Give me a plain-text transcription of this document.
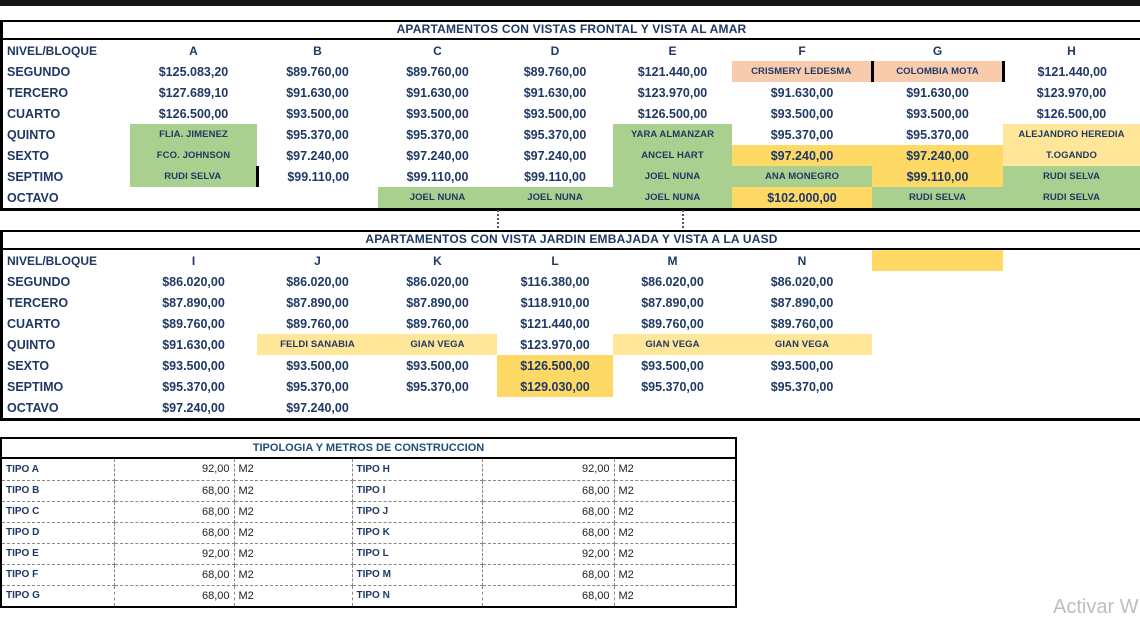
APARTAMENTOS CON VISTAS FRONTAL Y VISTA AL AMAR
NIVEL/BLOQUE	A	B	C	D	E	F	G	H
SEGUNDO	$125.083,20	$89.760,00	$89.760,00	$89.760,00	$121.440,00	CRISMERY LEDESMA	COLOMBIA MOTA	$121.440,00
TERCERO	$127.689,10	$91.630,00	$91.630,00	$91.630,00	$123.970,00	$91.630,00	$91.630,00	$123.970,00
CUARTO	$126.500,00	$93.500,00	$93.500,00	$93.500,00	$126.500,00	$93.500,00	$93.500,00	$126.500,00
QUINTO	FLIA. JIMENEZ	$95.370,00	$95.370,00	$95.370,00	YARA ALMANZAR	$95.370,00	$95.370,00	ALEJANDRO HEREDIA
SEXTO	FCO. JOHNSON	$97.240,00	$97.240,00	$97.240,00	ANCEL HART	$97.240,00	$97.240,00	T.OGANDO
SEPTIMO	RUDI SELVA	$99.110,00	$99.110,00	$99.110,00	JOEL NUNA	ANA MONEGRO	$99.110,00	RUDI SELVA
OCTAVO			JOEL NUNA	JOEL NUNA	JOEL NUNA	$102.000,00	RUDI SELVA	RUDI SELVA
APARTAMENTOS CON VISTA JARDIN EMBAJADA Y VISTA A LA UASD
NIVEL/BLOQUE	I	J	K	L	M	N		
SEGUNDO	$86.020,00	$86.020,00	$86.020,00	$116.380,00	$86.020,00	$86.020,00		
TERCERO	$87.890,00	$87.890,00	$87.890,00	$118.910,00	$87.890,00	$87.890,00		
CUARTO	$89.760,00	$89.760,00	$89.760,00	$121.440,00	$89.760,00	$89.760,00		
QUINTO	$91.630,00	FELDI SANABIA	GIAN VEGA	$123.970,00	GIAN VEGA	GIAN VEGA		
SEXTO	$93.500,00	$93.500,00	$93.500,00	$126.500,00	$93.500,00	$93.500,00		
SEPTIMO	$95.370,00	$95.370,00	$95.370,00	$129.030,00	$95.370,00	$95.370,00		
OCTAVO	$97.240,00	$97.240,00						
TIPOLOGIA Y METROS DE CONSTRUCCION
TIPO A	92,00	M2	TIPO H	92,00	M2
TIPO B	68,00	M2	TIPO I	68,00	M2
TIPO C	68,00	M2	TIPO J	68,00	M2
TIPO D	68,00	M2	TIPO K	68,00	M2
TIPO E	92,00	M2	TIPO L	92,00	M2
TIPO F	68,00	M2	TIPO M	68,00	M2
TIPO G	68,00	M2	TIPO N	68,00	M2
Activar W
